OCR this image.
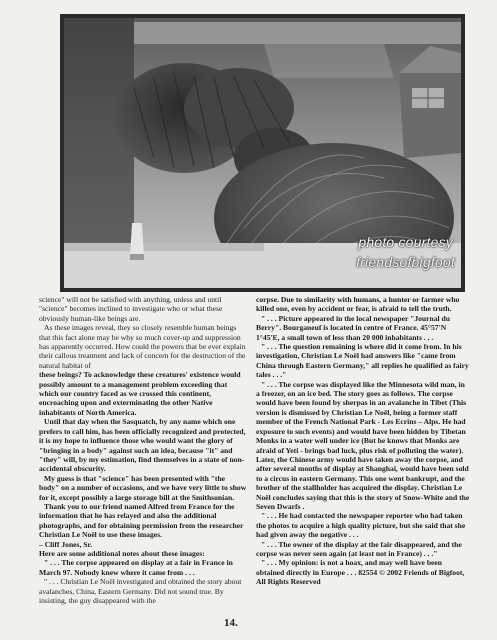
photo courtesy
friendsofbigfoot

science" will not be satisfied with anything, unless and until "science" becomes inclined to investigate who or what these obviously human-like beings are.

As these images reveal, they so closely resemble human beings that this fact alone may be why so much cover-up and suppression has apparently occurred. How could the powers that be ever explain their callous treatment and lack of concern for the destruction of the natural habitat of

these beings? To acknowledge these creatures' existence would possibly amount to a management problem exceeding that which our country faced as we crossed this continent, encroaching upon and exterminating the other Native inhabitants of North America.

Until that day when the Sasquatch, by any name which one prefers to call him, has been officially recognized and protected, it is my hope to influence those who would want the glory of "bringing in a body" against such an idea, because "it" and "they" will, by my estimation, find themselves in a state of non-accidental obscurity.

My guess is that "science" has been presented with "the body" on a number of occasions, and we have very little to show for it, except possibly a large storage bill at the Smithsonian.

Thank you to our friend named Alfred from France for the information that he has relayed and also the additional photographs, and for obtaining permission from the researcher Christian Le Noël to use these images.

– Cliff Jones, Sr.

Here are some additional notes about these images:

" . . . The corpse appeared on display at a fair in France in March 97. Nobody knew where it came from . . .

" . . . Christian Le Noël investigated and obtained the story about avalanches, China, Eastern Germany. Did not sound true. By insisting, the guy disappeared with the

corpse. Due to similarity with humans, a hunter or farmer who killed one, even by accident or fear, is afraid to tell the truth.

" . . . Picture appeared in the local newspaper "Journal du Berry". Bourganeuf is located in centre of France. 45°57'N 1°45'E, a small town of less than 20 000 inhabitants . . .

" . . . The question remaining is where did it come from. In his investigation, Christian Le Noël had answers like "came from China through Eastern Germany," all replies he qualified as fairy tales . . ."

" . . . The corpse was displayed like the Minnesota wild man, in a freezer, on an ice bed. The story goes as follows. The corpse would have been found by sherpas in an avalanche in Tibet (This version is dismissed by Christian Le Noël, being a former staff member of the French National Park - Les Ecrins – Alps. He had exposure to such events) and would have been hidden by Tibetan Monks in a water well under ice (But he knows that Monks are afraid of Yeti - brings bad luck, plus risk of polluting the water). Later, the Chinese army would have taken away the corpse, and after several months of display at Shanghai, would have been sold to a circus in eastern Germany. This one went bankrupt, and the brother of the stallholder has acquired the display. Christian Le Noël concludes saying that this is the story of Snow-White and the Seven Dwarfs .

" . . . He had contacted the newspaper reporter who had taken the photos to acquire a high quality picture, but she said that she had given away the negative . . .

" . . . The owner of the display at the fair disappeared, and the corpse was never seen again (at least not in France) . . ."

" . . . My opinion: is not a hoax, and may well have been obtained directly in Europe . . . 82554 © 2002 Friends of Bigfoot, All Rights Reserved

14.
